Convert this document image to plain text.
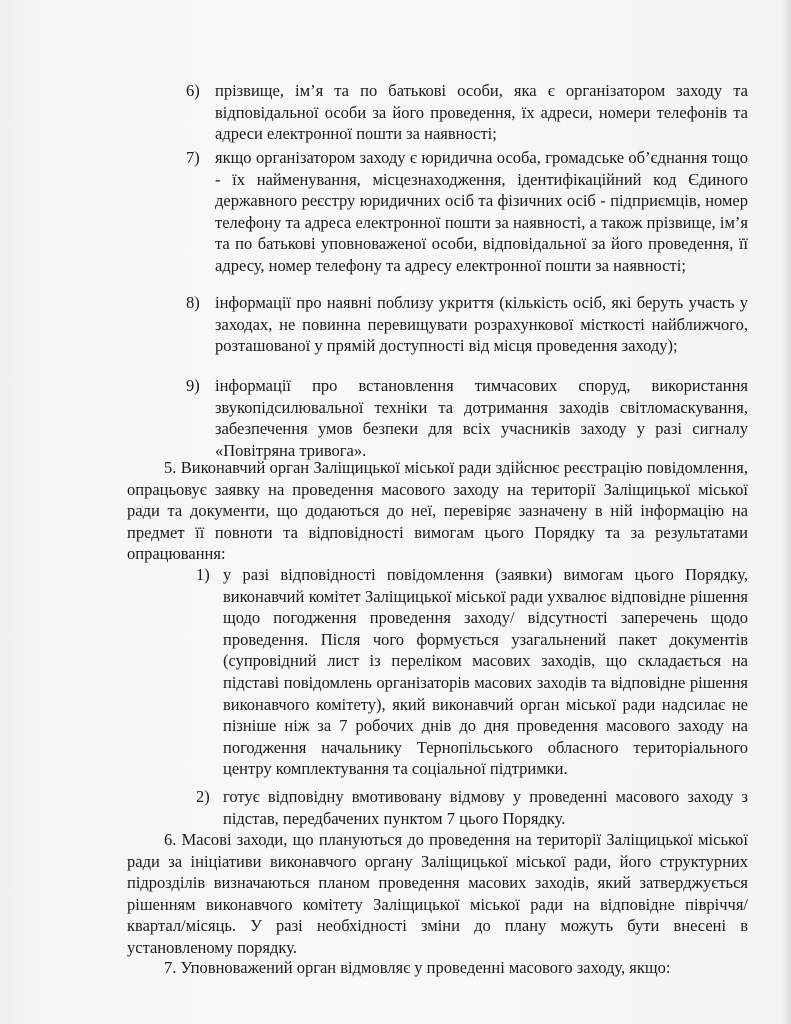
6) прізвище, ім’я та по батькові особи, яка є організатором заходу та відповідальної особи за його проведення, їх адреси, номери телефонів та адреси електронної пошти за наявності;
7) якщо організатором заходу є юридична особа, громадське об’єднання тощо - їх найменування, місцезнаходження, ідентифікаційний код Єдиного державного реєстру юридичних осіб та фізичних осіб - підприємців, номер телефону та адреса електронної пошти за наявності, а також прізвище, ім’я та по батькові уповноваженої особи, відповідальної за його проведення, її адресу, номер телефону та адресу електронної пошти за наявності;
8) інформації про наявні поблизу укриття (кількість осіб, які беруть участь у заходах, не повинна перевищувати розрахункової місткості найближчого, розташованої у прямій доступності від місця проведення заходу);
9) інформації про встановлення тимчасових споруд, використання звукопідсилювальної техніки та дотримання заходів світломаскування, забезпечення умов безпеки для всіх учасників заходу у разі сигналу «Повітряна тривога».
5. Виконавчий орган Заліщицької міської ради здійснює реєстрацію повідомлення, опрацьовує заявку на проведення масового заходу на території Заліщицької міської ради та документи, що додаються до неї, перевіряє зазначену в ній інформацію на предмет її повноти та відповідності вимогам цього Порядку та за результатами опрацювання:
1) у разі відповідності повідомлення (заявки) вимогам цього Порядку, виконавчий комітет Заліщицької міської ради ухвалює відповідне рішення щодо погодження проведення заходу/ відсутності заперечень щодо проведення. Після чого формується узагальнений пакет документів (супровідний лист із переліком масових заходів, що складається на підставі повідомлень організаторів масових заходів та відповідне рішення виконавчого комітету), який виконавчий орган міської ради надсилає не пізніше ніж за 7 робочих днів до дня проведення масового заходу на погодження начальнику Тернопільського обласного територіального центру комплектування та соціальної підтримки.
2) готує відповідну вмотивовану відмову у проведенні масового заходу з підстав, передбачених пунктом 7 цього Порядку.
6. Масові заходи, що плануються до проведення на території Заліщицької міської ради за ініціативи виконавчого органу Заліщицької міської ради, його структурних підрозділів визначаються планом проведення масових заходів, який затверджується рішенням виконавчого комітету Заліщицької міської ради на відповідне півріччя/квартал/місяць. У разі необхідності зміни до плану можуть бути внесені в установленому порядку.
7. Уповноважений орган відмовляє у проведенні масового заходу, якщо:
